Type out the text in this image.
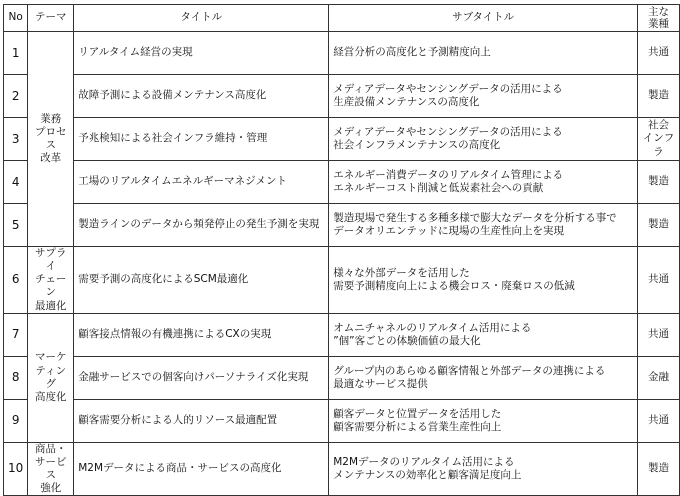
No	テーマ	タイトル	サブタイトル	主な
業種
1	業務
プロセス
改革	リアルタイム経営の実現	経営分析の高度化と予測精度向上	共通
2		故障予測による設備メンテナンス高度化	メディアデータやセンシングデータの活用による
生産設備メンテナンスの高度化	製造
3		予兆検知による社会インフラ維持・管理	メディアデータやセンシングデータの活用による
社会インフラメンテナンスの高度化	社会
インフラ
4		工場のリアルタイムエネルギーマネジメント	エネルギー消費データのリアルタイム管理による
エネルギーコスト削減と低炭素社会への貢献	製造
5		製造ラインのデータから頻発停止の発生予測を実現	製造現場で発生する多種多様で膨大なデータを分析する事で
データオリエンテッドに現場の生産性向上を実現	製造
6	サプライ
チェーン
最適化	需要予測の高度化によるSCM最適化	様々な外部データを活用した
需要予測精度向上による機会ロス・廃棄ロスの低減	共通
7	マーケ
ティング
高度化	顧客接点情報の有機連携によるCXの実現	オムニチャネルのリアルタイム活用による
”個”客ごとの体験価値の最大化	共通
8		金融サービスでの個客向けパーソナライズ化実現	グループ内のあらゆる顧客情報と外部データの連携による
最適なサービス提供	金融
9		顧客需要分析による人的リソース最適配置	顧客データと位置データを活用した
顧客需要分析による営業生産性向上	共通
10	商品・
サービス
強化	M2Mデータによる商品・サービスの高度化	M2Mデータのリアルタイム活用による
メンテナンスの効率化と顧客満足度向上	製造
